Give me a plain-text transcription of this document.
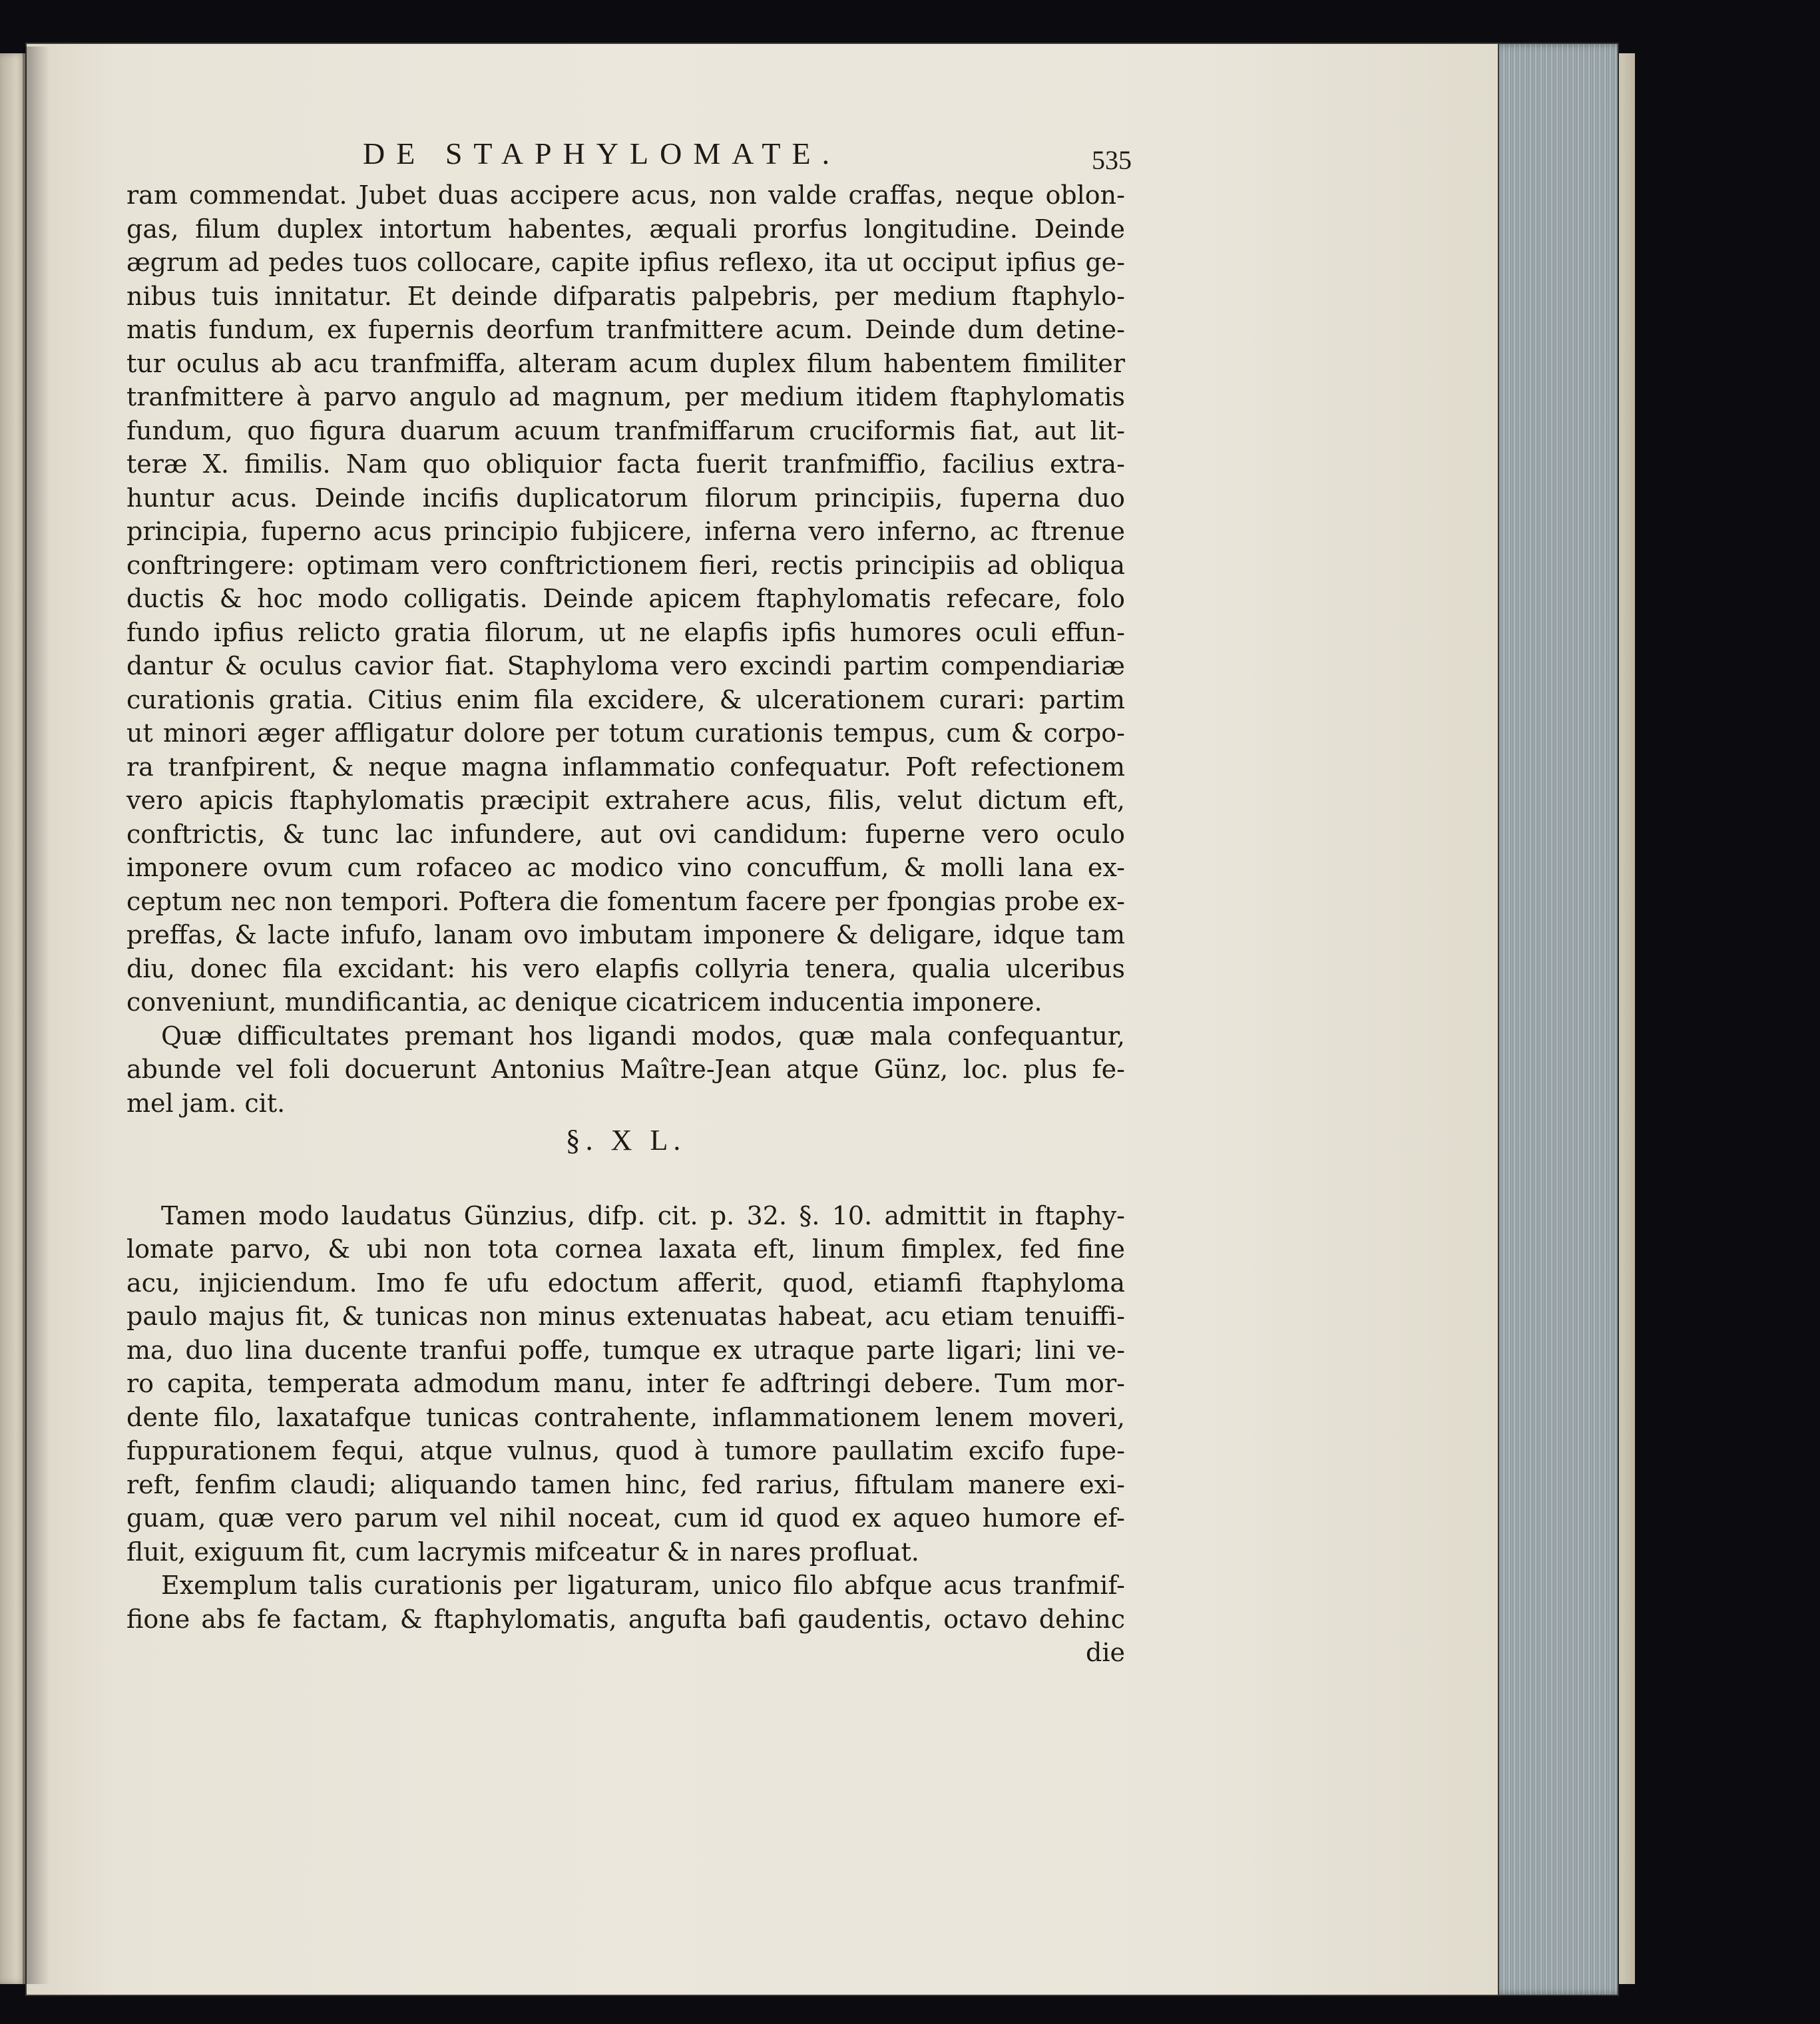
DE STAPHYLOMATE.	535
ram commendat. Jubet duas accipere acus, non valde craffas, neque oblon-
gas, filum duplex intortum habentes, æquali prorfus longitudine. Deinde
ægrum ad pedes tuos collocare, capite ipfius reflexo, ita ut occiput ipfius ge-
nibus tuis innitatur. Et deinde difparatis palpebris, per medium ftaphylo-
matis fundum, ex fupernis deorfum tranfmittere acum. Deinde dum detine-
tur oculus ab acu tranfmiffa, alteram acum duplex filum habentem fimiliter
tranfmittere à parvo angulo ad magnum, per medium itidem ftaphylomatis
fundum, quo figura duarum acuum tranfmiffarum cruciformis fiat, aut lit-
teræ X. fimilis. Nam quo obliquior facta fuerit tranfmiffio, facilius extra-
huntur acus. Deinde incifis duplicatorum filorum principiis, fuperna duo
principia, fuperno acus principio fubjicere, inferna vero inferno, ac ftrenue
conftringere: optimam vero conftrictionem fieri, rectis principiis ad obliqua
ductis & hoc modo colligatis. Deinde apicem ftaphylomatis refecare, folo
fundo ipfius relicto gratia filorum, ut ne elapfis ipfis humores oculi effun-
dantur & oculus cavior fiat. Staphyloma vero excindi partim compendiariæ
curationis gratia. Citius enim fila excidere, & ulcerationem curari: partim
ut minori æger affligatur dolore per totum curationis tempus, cum & corpo-
ra tranfpirent, & neque magna inflammatio confequatur. Poft refectionem
vero apicis ftaphylomatis præcipit extrahere acus, filis, velut dictum eft,
conftrictis, & tunc lac infundere, aut ovi candidum: fuperne vero oculo
imponere ovum cum rofaceo ac modico vino concuffum, & molli lana ex-
ceptum nec non tempori. Poftera die fomentum facere per fpongias probe ex-
preffas, & lacte infufo, lanam ovo imbutam imponere & deligare, idque tam
diu, donec fila excidant: his vero elapfis collyria tenera, qualia ulceribus
conveniunt, mundificantia, ac denique cicatricem inducentia imponere.
Quæ difficultates premant hos ligandi modos, quæ mala confequantur,
abunde vel foli docuerunt Antonius Maître-Jean atque Günz, loc. plus fe-
mel jam. cit.
§. X L.
Tamen modo laudatus Günzius, difp. cit. p. 32. §. 10. admittit in ftaphy-
lomate parvo, & ubi non tota cornea laxata eft, linum fimplex, fed fine
acu, injiciendum. Imo fe ufu edoctum afferit, quod, etiamfi ftaphyloma
paulo majus fit, & tunicas non minus extenuatas habeat, acu etiam tenuiffi-
ma, duo lina ducente tranfui poffe, tumque ex utraque parte ligari; lini ve-
ro capita, temperata admodum manu, inter fe adftringi debere. Tum mor-
dente filo, laxatafque tunicas contrahente, inflammationem lenem moveri,
fuppurationem fequi, atque vulnus, quod à tumore paullatim excifo fupe-
reft, fenfim claudi; aliquando tamen hinc, fed rarius, fiftulam manere exi-
guam, quæ vero parum vel nihil noceat, cum id quod ex aqueo humore ef-
fluit, exiguum fit, cum lacrymis mifceatur & in nares profluat.
Exemplum talis curationis per ligaturam, unico filo abfque acus tranfmif-
fione abs fe factam, & ftaphylomatis, angufta bafi gaudentis, octavo dehinc
die
